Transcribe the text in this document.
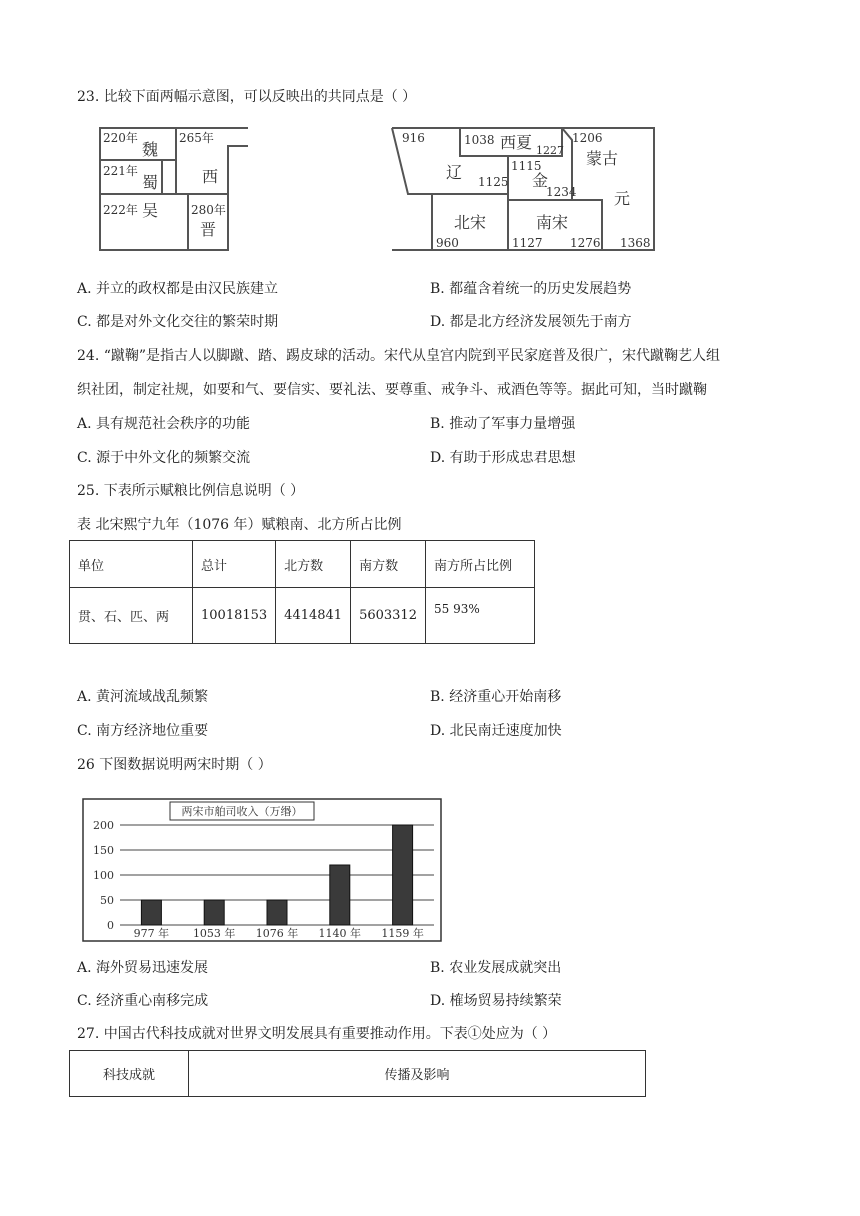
23. 比较下面两幅示意图，可以反映出的共同点是（ ）
220年
魏
265年
西
221年
蜀
222年 吴	280年
晋
916	1038 西夏 1227
1206
蒙古
辽	1115
1125 金
1234 元
北宋	南宋
960	1127 1276 1368
A. 并立的政权都是由汉民族建立	B. 都蕴含着统一的历史发展趋势
C. 都是对外文化交往的繁荣时期	D. 都是北方经济发展领先于南方
24. “蹴鞠”是指古人以脚蹴、踏、踢皮球的活动。宋代从皇宫内院到平民家庭普及很广，宋代蹴鞠艺人组
织社团，制定社规，如要和气、要信实、要礼法、要尊重、戒争斗、戒酒色等等。据此可知，当时蹴鞠
A. 具有规范社会秩序的功能	B. 推动了军事力量增强
C. 源于中外文化的频繁交流	D. 有助于形成忠君思想
25. 下表所示赋粮比例信息说明（ ）
表 北宋熙宁九年（1076 年）赋粮南、北方所占比例
单位	总计	北方数	南方数	南方所占比例
贯、石、匹、两	10018153	4414841	5603312	55 93%
A. 黄河流域战乱频繁	B. 经济重心开始南移
C. 南方经济地位重要	D. 北民南迁速度加快
26 下图数据说明两宋时期（ ）
两宋市舶司收入（万缗）
0
50
100
150
200
977 年 1053 年 1076 年 1140 年 1159 年
A. 海外贸易迅速发展	B. 农业发展成就突出
C. 经济重心南移完成	D. 榷场贸易持续繁荣
27. 中国古代科技成就对世界文明发展具有重要推动作用。下表①处应为（ ）
科技成就	传播及影响
